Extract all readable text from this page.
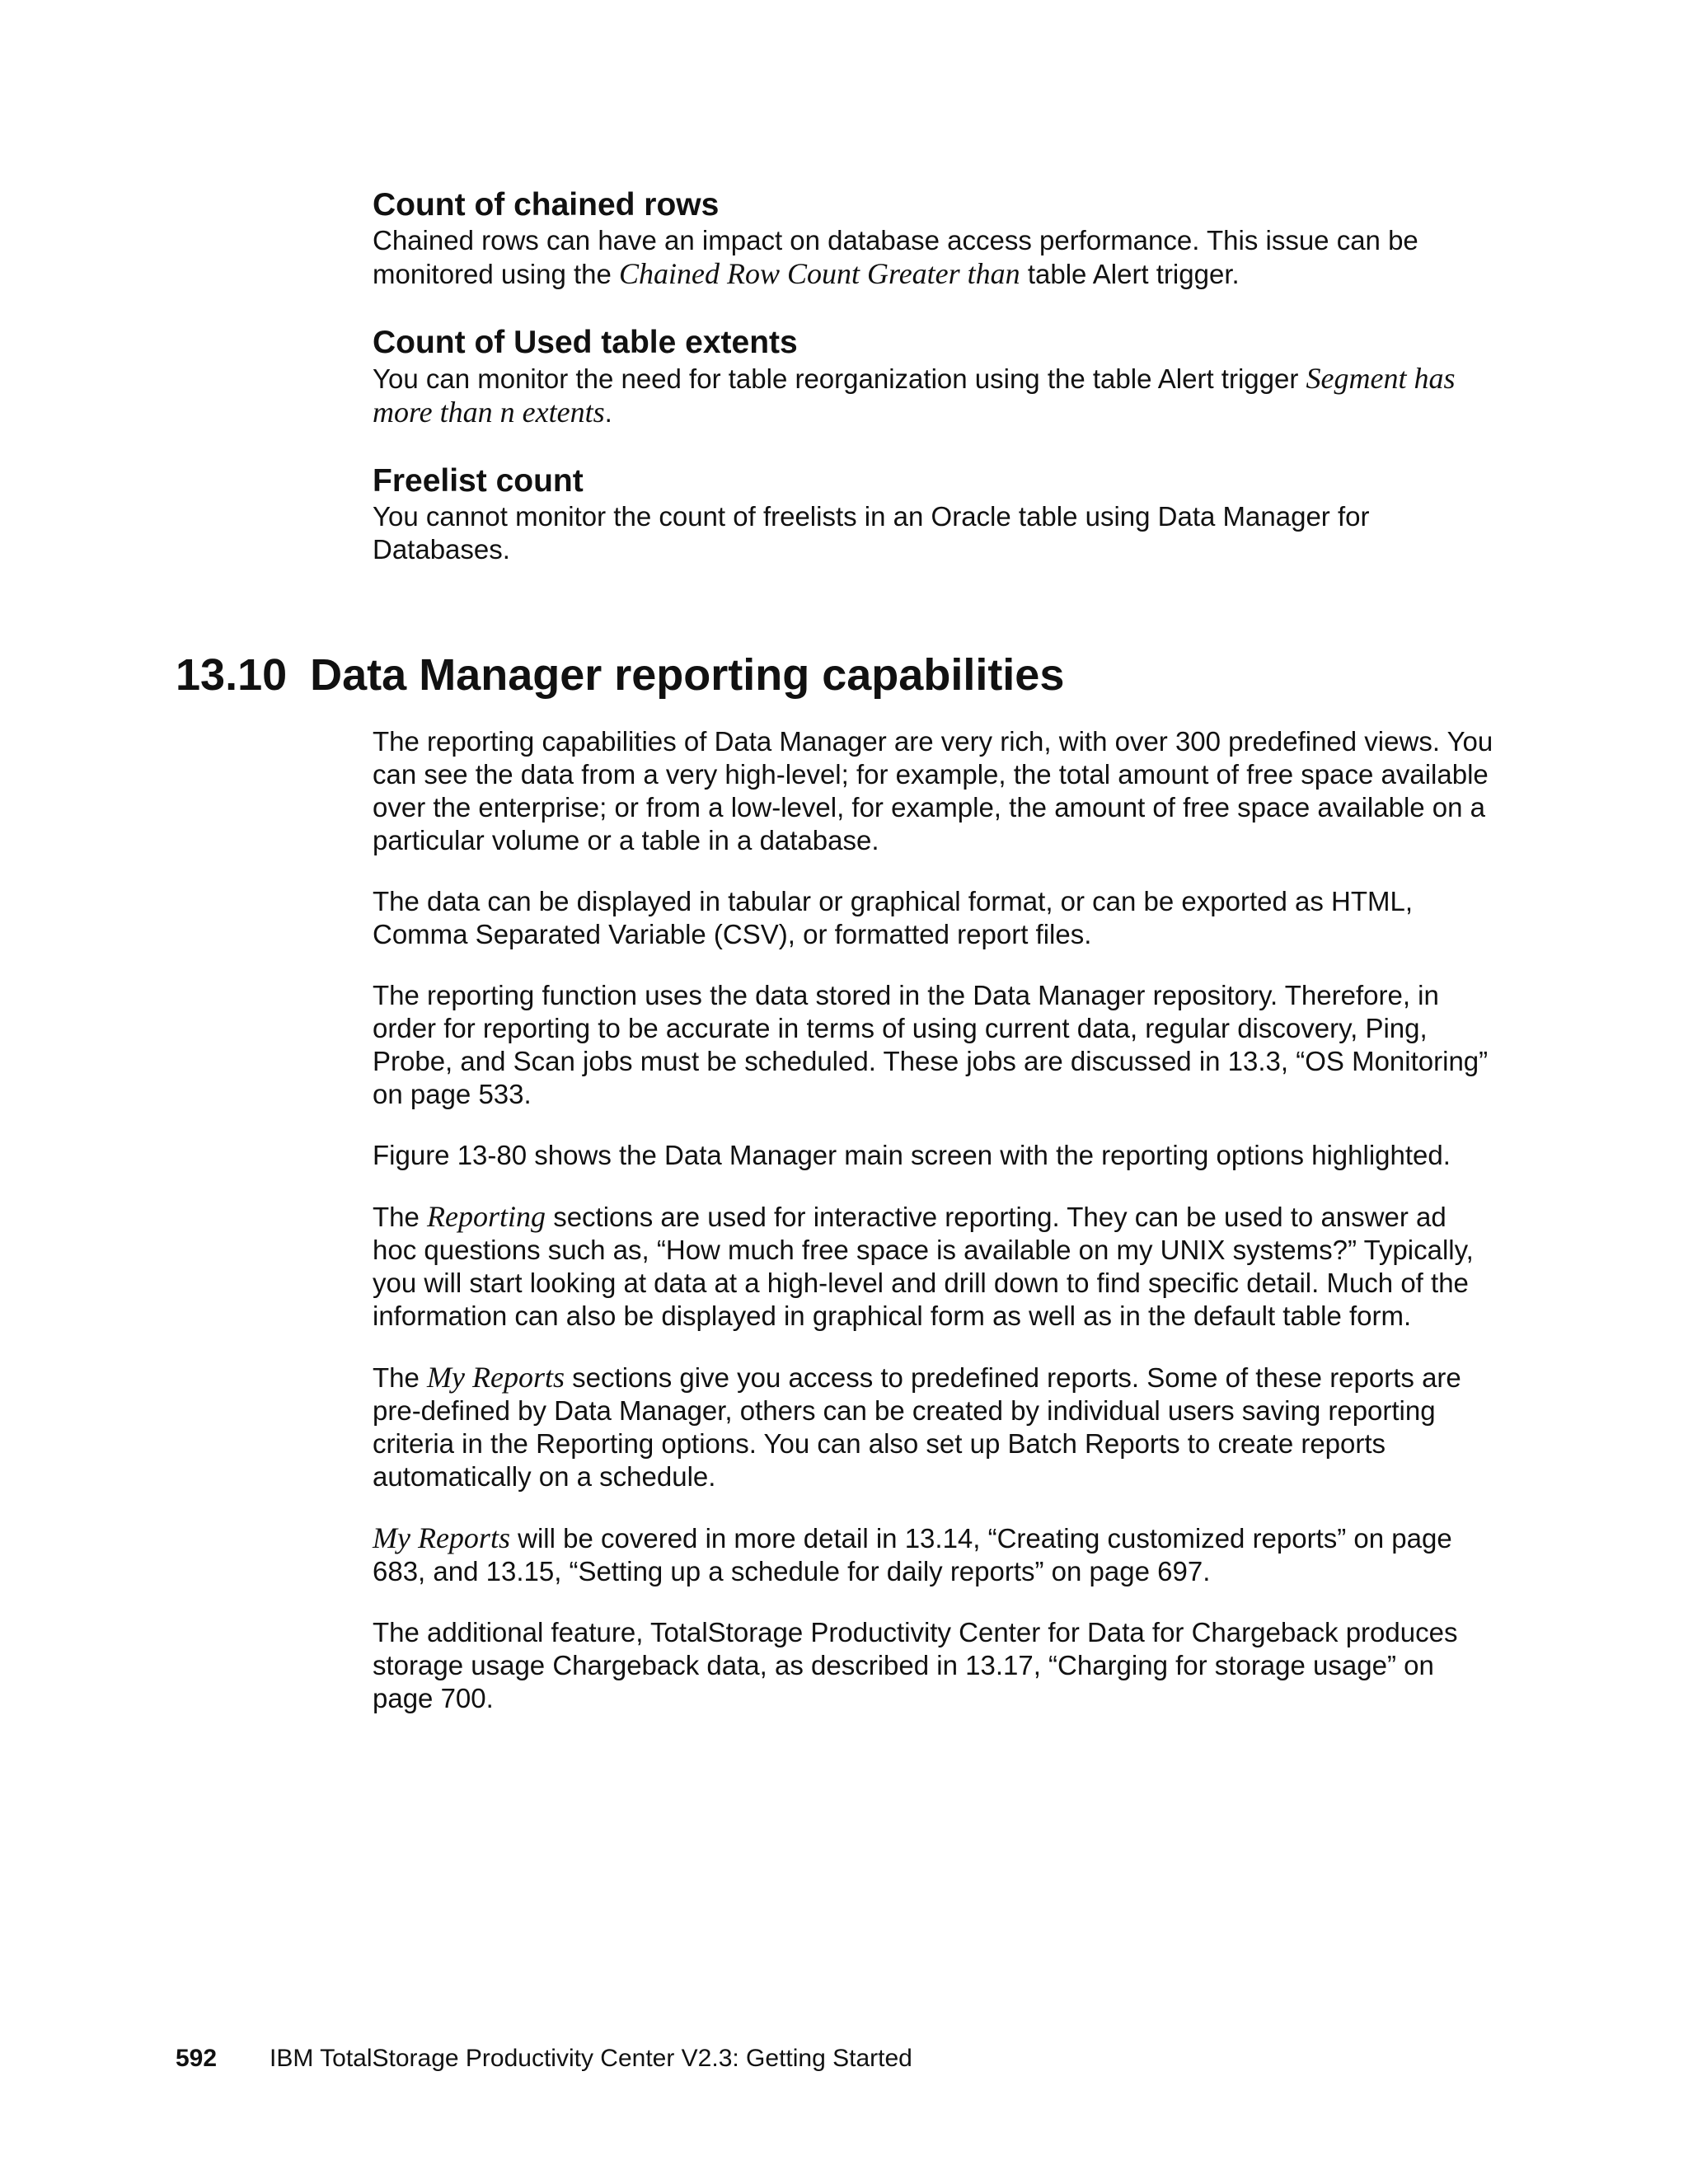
Count of chained rows

Chained rows can have an impact on database access performance. This issue can be monitored using the Chained Row Count Greater than table Alert trigger.

Count of Used table extents

You can monitor the need for table reorganization using the table Alert trigger Segment has more than n extents.

Freelist count

You cannot monitor the count of freelists in an Oracle table using Data Manager for Databases.

13.10 Data Manager reporting capabilities

The reporting capabilities of Data Manager are very rich, with over 300 predefined views. You can see the data from a very high-level; for example, the total amount of free space available over the enterprise; or from a low-level, for example, the amount of free space available on a particular volume or a table in a database.

The data can be displayed in tabular or graphical format, or can be exported as HTML, Comma Separated Variable (CSV), or formatted report files.

The reporting function uses the data stored in the Data Manager repository. Therefore, in order for reporting to be accurate in terms of using current data, regular discovery, Ping, Probe, and Scan jobs must be scheduled. These jobs are discussed in 13.3, “OS Monitoring” on page 533.

Figure 13-80 shows the Data Manager main screen with the reporting options highlighted.

The Reporting sections are used for interactive reporting. They can be used to answer ad hoc questions such as, “How much free space is available on my UNIX systems?” Typically, you will start looking at data at a high-level and drill down to find specific detail. Much of the information can also be displayed in graphical form as well as in the default table form.

The My Reports sections give you access to predefined reports. Some of these reports are pre-defined by Data Manager, others can be created by individual users saving reporting criteria in the Reporting options. You can also set up Batch Reports to create reports automatically on a schedule.

My Reports will be covered in more detail in 13.14, “Creating customized reports” on page 683, and 13.15, “Setting up a schedule for daily reports” on page 697.

The additional feature, TotalStorage Productivity Center for Data for Chargeback produces storage usage Chargeback data, as described in 13.17, “Charging for storage usage” on page 700.

592 IBM TotalStorage Productivity Center V2.3: Getting Started
